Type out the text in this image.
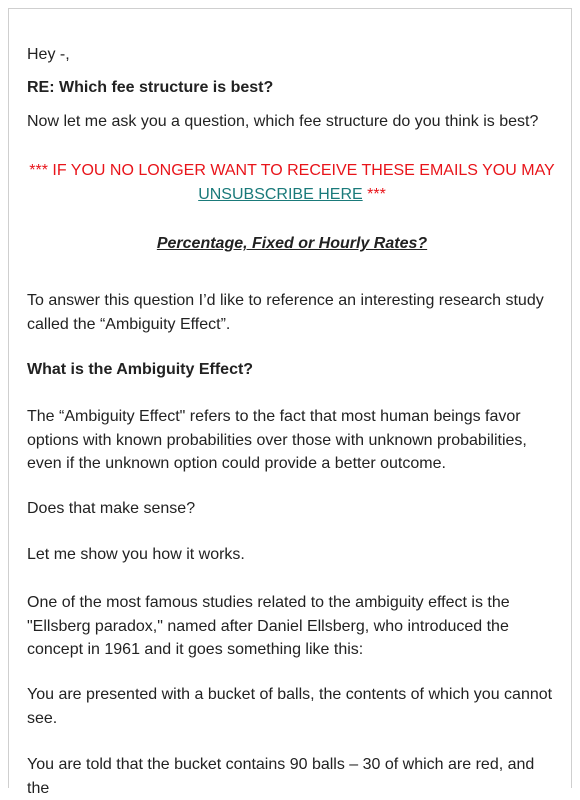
Hey -,

RE: Which fee structure is best?

Now let me ask you a question, which fee structure do you think is best?

*** IF YOU NO LONGER WANT TO RECEIVE THESE EMAILS YOU MAY
UNSUBSCRIBE HERE ***

Percentage, Fixed or Hourly Rates?

To answer this question I’d like to reference an interesting research study called the “Ambiguity Effect”.

What is the Ambiguity Effect?

The “Ambiguity Effect" refers to the fact that most human beings favor options with known probabilities over those with unknown probabilities, even if the unknown option could provide a better outcome.

Does that make sense?

Let me show you how it works.

One of the most famous studies related to the ambiguity effect is the "Ellsberg paradox," named after Daniel Ellsberg, who introduced the concept in 1961 and it goes something like this:

You are presented with a bucket of balls, the contents of which you cannot see.

You are told that the bucket contains 90 balls – 30 of which are red, and the
